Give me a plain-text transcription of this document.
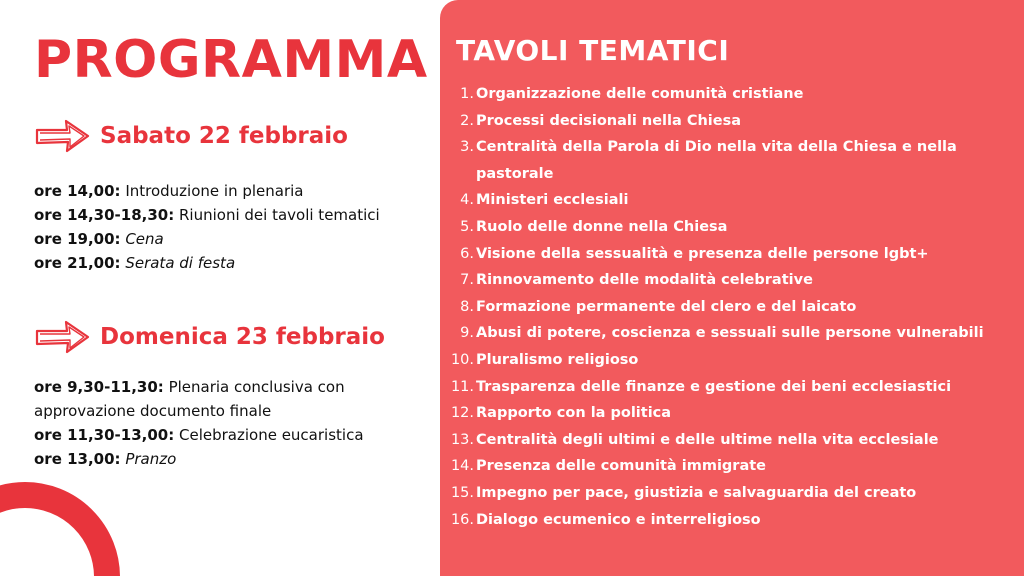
PROGRAMMA
Sabato 22 febbraio
ore 14,00: Introduzione in plenaria
ore 14,30-18,30: Riunioni dei tavoli tematici
ore 19,00: Cena
ore 21,00: Serata di festa
Domenica 23 febbraio
ore 9,30-11,30: Plenaria conclusiva con approvazione documento finale
ore 11,30-13,00: Celebrazione eucaristica
ore 13,00: Pranzo
TAVOLI TEMATICI
1. Organizzazione delle comunità cristiane
2. Processi decisionali nella Chiesa
3. Centralità della Parola di Dio nella vita della Chiesa e nella pastorale
4. Ministeri ecclesiali
5. Ruolo delle donne nella Chiesa
6. Visione della sessualità e presenza delle persone lgbt+
7. Rinnovamento delle modalità celebrative
8. Formazione permanente del clero e del laicato
9. Abusi di potere, coscienza e sessuali sulle persone vulnerabili
10. Pluralismo religioso
11. Trasparenza delle finanze e gestione dei beni ecclesiastici
12. Rapporto con la politica
13. Centralità degli ultimi e delle ultime nella vita ecclesiale
14. Presenza delle comunità immigrate
15. Impegno per pace, giustizia e salvaguardia del creato
16. Dialogo ecumenico e interreligioso
